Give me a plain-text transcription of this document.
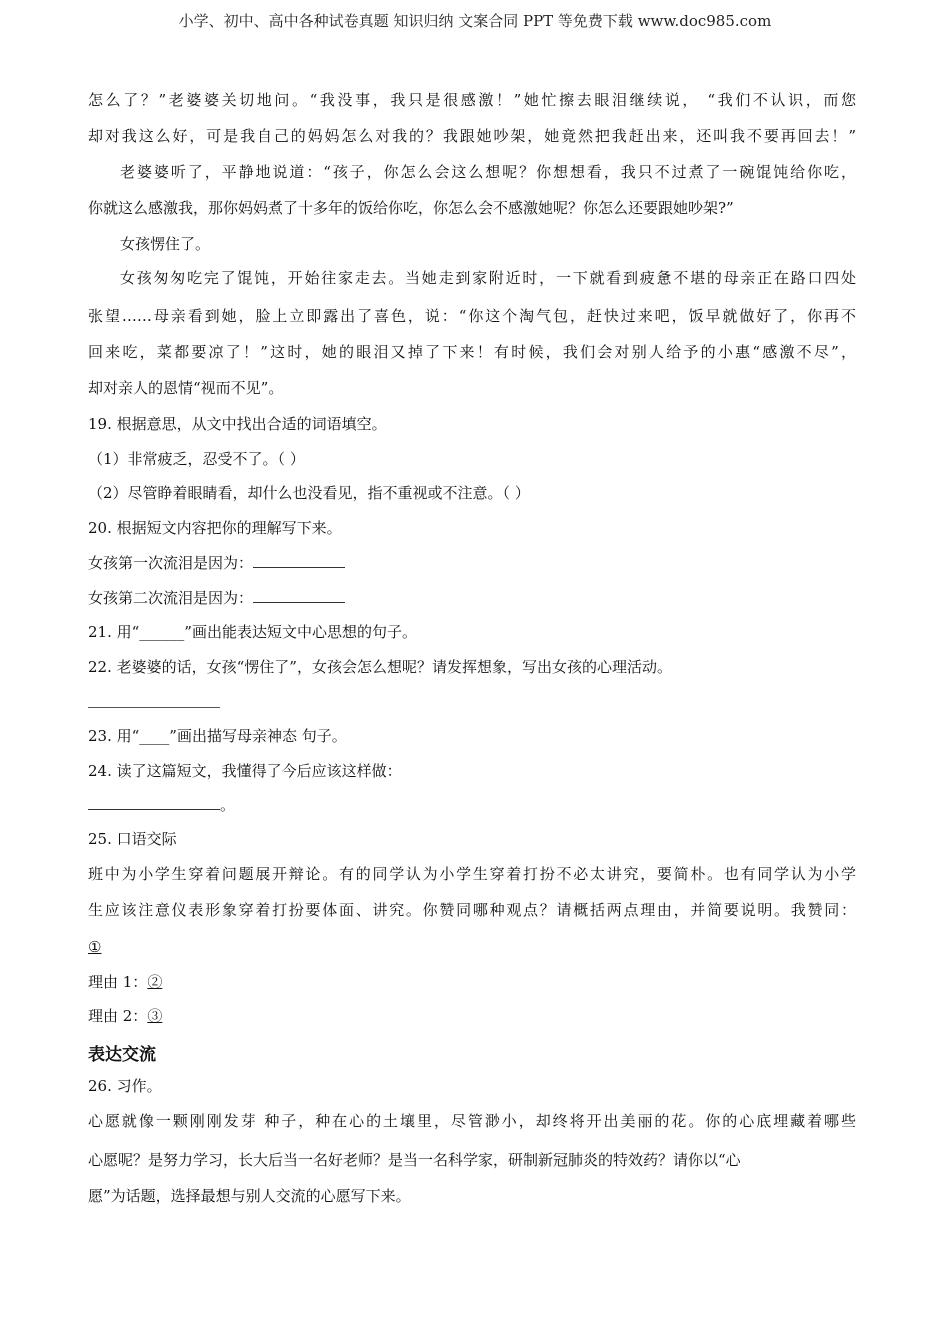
小学、初中、高中各种试卷真题 知识归纳 文案合同 PPT 等免费下载 www.doc985.com
怎么了？”老婆婆关切地问。“我没事，我只是很感激！”她忙擦去眼泪继续说， “我们不认识，而您
却对我这么好，可是我自己的妈妈怎么对我的？我跟她吵架，她竟然把我赶出来，还叫我不要再回去！”
老婆婆听了，平静地说道：“孩子，你怎么会这么想呢？你想想看，我只不过煮了一碗馄饨给你吃，
你就这么感激我，那你妈妈煮了十多年的饭给你吃，你怎么会不感激她呢？你怎么还要跟她吵架?”
女孩愣住了。
女孩匆匆吃完了馄饨，开始往家走去。当她走到家附近时，一下就看到疲惫不堪的母亲正在路口四处
张望……母亲看到她，脸上立即露出了喜色，说：“你这个淘气包，赶快过来吧，饭早就做好了，你再不
回来吃，菜都要凉了！”这时，她的眼泪又掉了下来！有时候，我们会对别人给予的小惠“感激不尽”，
却对亲人的恩情“视而不见”。
19. 根据意思，从文中找出合适的词语填空。
（1）非常疲乏，忍受不了。（ ）
（2）尽管睁着眼睛看，却什么也没看见，指不重视或不注意。（ ）
20. 根据短文内容把你的理解写下来。
女孩第一次流泪是因为：
女孩第二次流泪是因为：
21. 用“______”画出能表达短文中心思想的句子。
22. 老婆婆的话，女孩“愣住了”，女孩会怎么想呢？请发挥想象，写出女孩的心理活动。
23. 用“____”画出描写母亲神态 句子。
24. 读了这篇短文，我懂得了今后应该这样做：
。
25. 口语交际
班中为小学生穿着问题展开辩论。有的同学认为小学生穿着打扮不必太讲究，要简朴。也有同学认为小学
生应该注意仪表形象穿着打扮要体面、讲究。你赞同哪种观点？请概括两点理由，并简要说明。我赞同：
①
理由 1：②
理由 2：③
表达交流
26. 习作。
心愿就像一颗刚刚发芽 种子，种在心的土壤里，尽管渺小，却终将开出美丽的花。你的心底埋藏着哪些
心愿呢？是努力学习，长大后当一名好老师？是当一名科学家，研制新冠肺炎的特效药？请你以“心
愿”为话题，选择最想与别人交流的心愿写下来。
